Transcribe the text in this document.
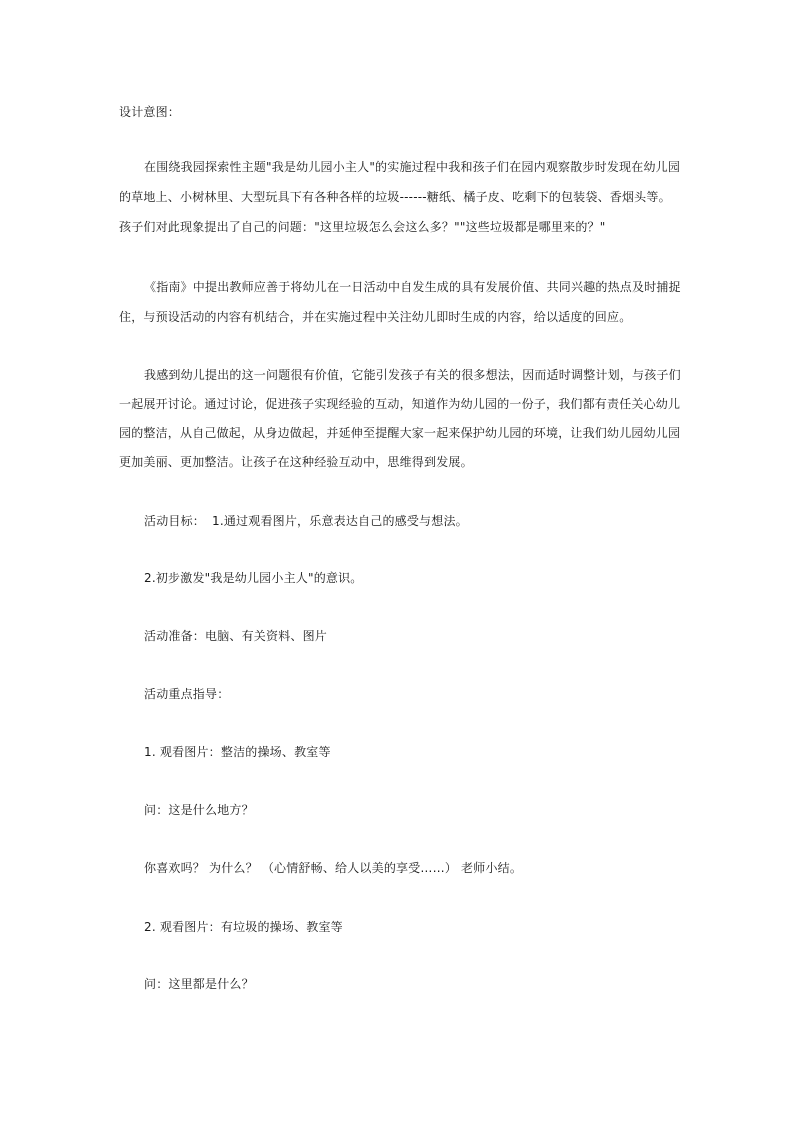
设计意图：
在围绕我园探索性主题"我是幼儿园小主人"的实施过程中我和孩子们在园内观察散步时发现在幼儿园
的草地上、小树林里、大型玩具下有各种各样的垃圾------糖纸、橘子皮、吃剩下的包装袋、香烟头等。
孩子们对此现象提出了自己的问题："这里垃圾怎么会这么多？""这些垃圾都是哪里来的？"
《指南》中提出教师应善于将幼儿在一日活动中自发生成的具有发展价值、共同兴趣的热点及时捕捉
住，与预设活动的内容有机结合，并在实施过程中关注幼儿即时生成的内容，给以适度的回应。
我感到幼儿提出的这一问题很有价值，它能引发孩子有关的很多想法，因而适时调整计划，与孩子们
一起展开讨论。通过讨论，促进孩子实现经验的互动，知道作为幼儿园的一份子，我们都有责任关心幼儿
园的整洁，从自己做起，从身边做起，并延伸至提醒大家一起来保护幼儿园的环境，让我们幼儿园幼儿园
更加美丽、更加整洁。让孩子在这种经验互动中，思维得到发展。
活动目标： 1.通过观看图片，乐意表达自己的感受与想法。
2.初步激发"我是幼儿园小主人"的意识。
活动准备：电脑、有关资料、图片
活动重点指导：
1. 观看图片：整洁的操场、教室等
问：这是什么地方？
你喜欢吗？ 为什么？ （心情舒畅、给人以美的享受……） 老师小结。
2. 观看图片：有垃圾的操场、教室等
问：这里都是什么？
